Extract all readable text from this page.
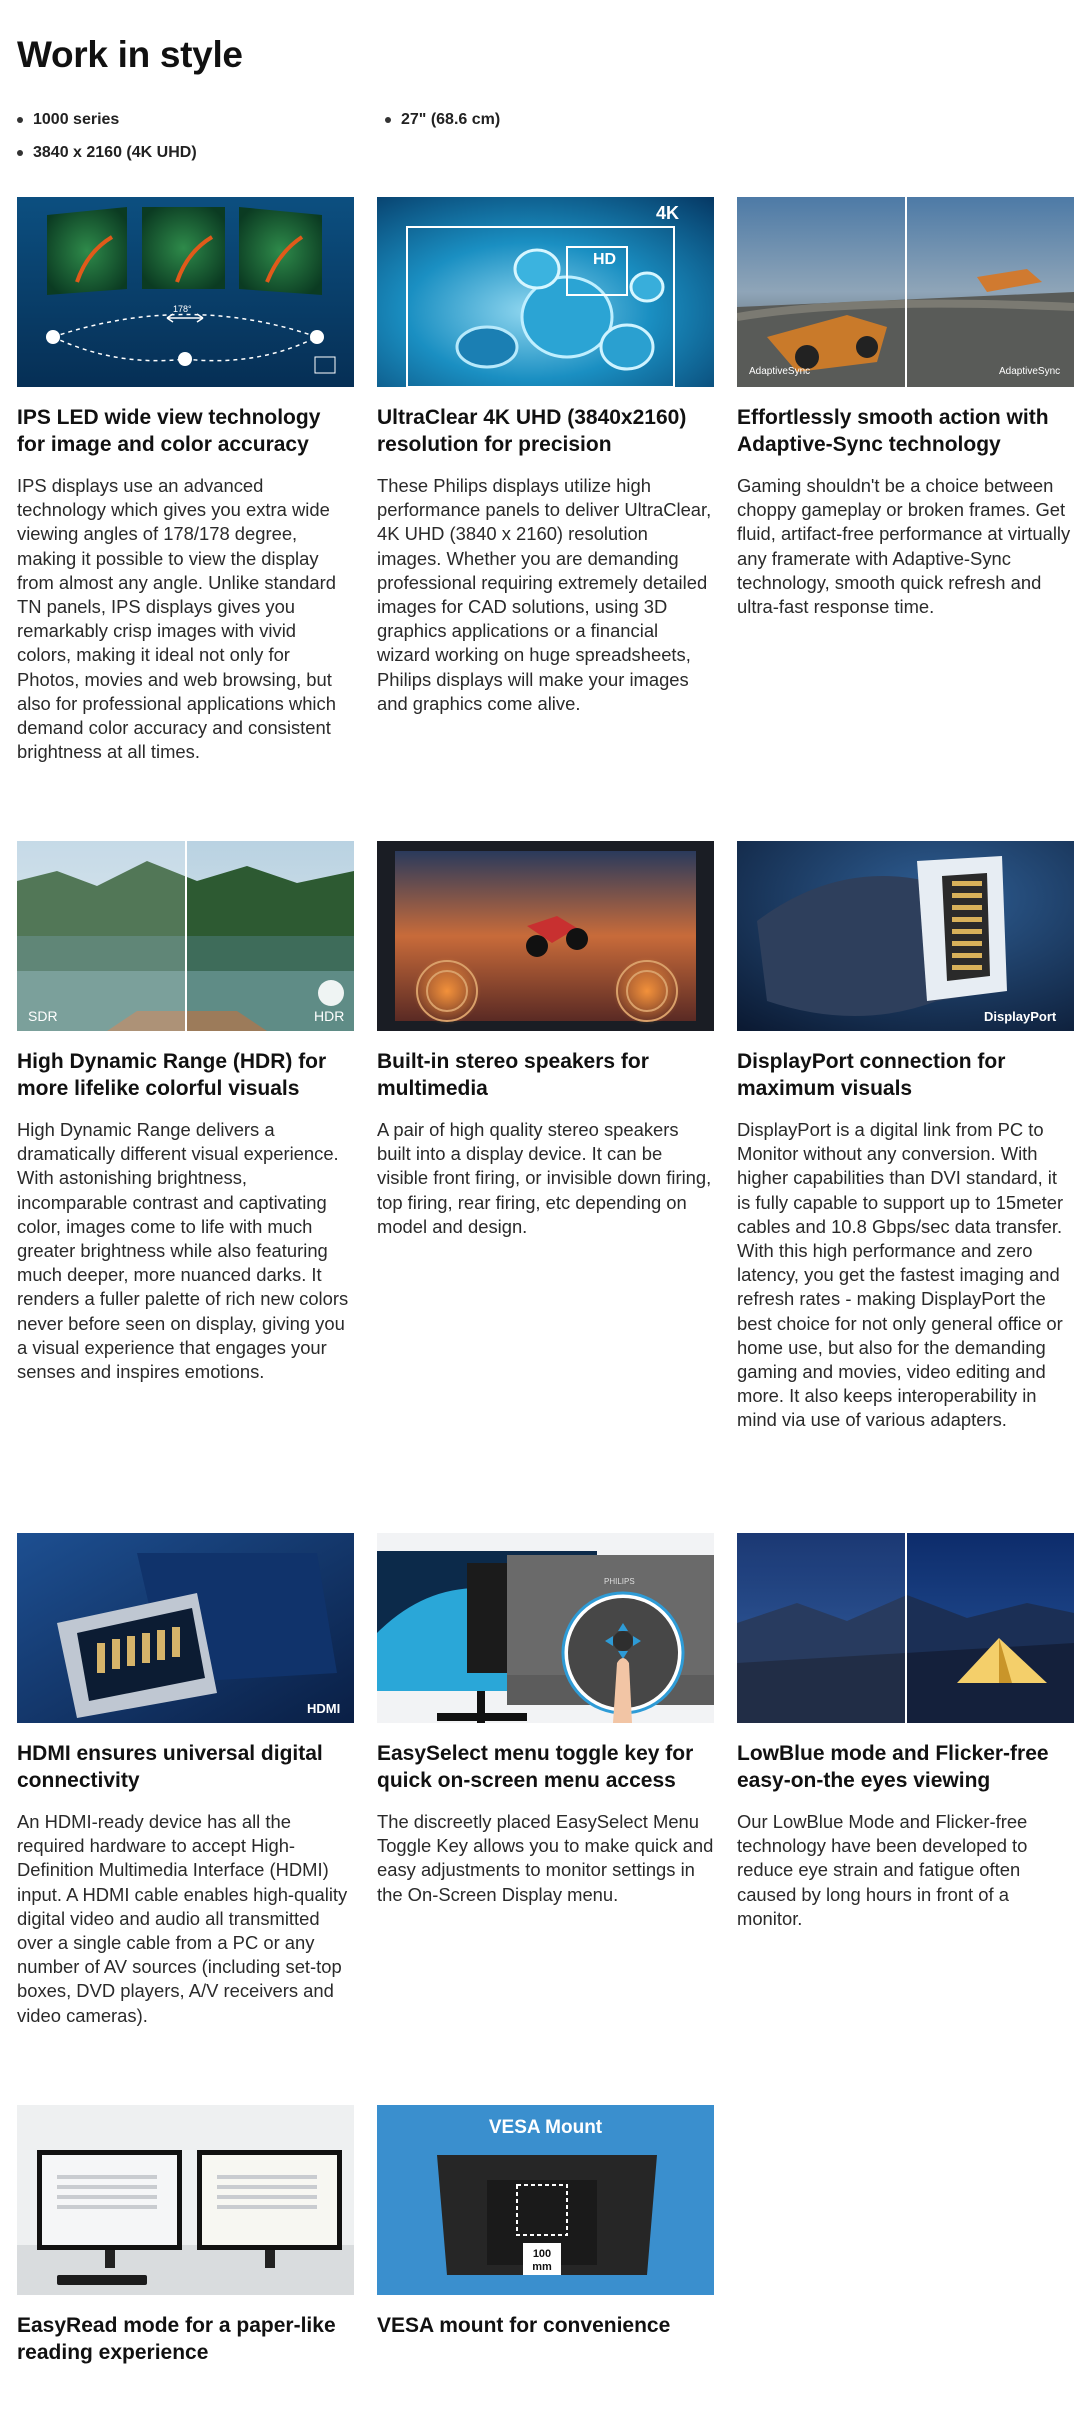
Work in style
1000 series	27" (68.6 cm)
3840 x 2160 (4K UHD)
178°
IPS LED wide view technology for image and color accuracy

IPS displays use an advanced technology which gives you extra wide viewing angles of 178/178 degree, making it possible to view the display from almost any angle. Unlike standard TN panels, IPS displays gives you remarkably crisp images with vivid colors, making it ideal not only for Photos, movies and web browsing, but also for professional applications which demand color accuracy and consistent brightness at all times.

4K
HD
UltraClear 4K UHD (3840x2160) resolution for precision

These Philips displays utilize high performance panels to deliver UltraClear, 4K UHD (3840 x 2160) resolution images. Whether you are demanding professional requiring extremely detailed images for CAD solutions, using 3D graphics applications or a financial wizard working on huge spreadsheets, Philips displays will make your images and graphics come alive.

AdaptiveSync	AdaptiveSync
Effortlessly smooth action with Adaptive-Sync technology

Gaming shouldn't be a choice between choppy gameplay or broken frames. Get fluid, artifact-free performance at virtually any framerate with Adaptive-Sync technology, smooth quick refresh and ultra-fast response time.

SDR	HDR
High Dynamic Range (HDR) for more lifelike colorful visuals

High Dynamic Range delivers a dramatically different visual experience. With astonishing brightness, incomparable contrast and captivating color, images come to life with much greater brightness while also featuring much deeper, more nuanced darks. It renders a fuller palette of rich new colors never before seen on display, giving you a visual experience that engages your senses and inspires emotions.

Built-in stereo speakers for multimedia

A pair of high quality stereo speakers built into a display device. It can be visible front firing, or invisible down firing, top firing, rear firing, etc depending on model and design.

DisplayPort
DisplayPort connection for maximum visuals

DisplayPort is a digital link from PC to Monitor without any conversion. With higher capabilities than DVI standard, it is fully capable to support up to 15meter cables and 10.8 Gbps/sec data transfer. With this high performance and zero latency, you get the fastest imaging and refresh rates - making DisplayPort the best choice for not only general office or home use, but also for the demanding gaming and movies, video editing and more. It also keeps interoperability in mind via use of various adapters.

HDMI
HDMI ensures universal digital connectivity

An HDMI-ready device has all the required hardware to accept High-Definition Multimedia Interface (HDMI) input. A HDMI cable enables high-quality digital video and audio all transmitted over a single cable from a PC or any number of AV sources (including set-top boxes, DVD players, A/V receivers and video cameras).

PHILIPS
EasySelect menu toggle key for quick on-screen menu access

The discreetly placed EasySelect Menu Toggle Key allows you to make quick and easy adjustments to monitor settings in the On-Screen Display menu.

LowBlue mode and Flicker-free easy-on-the eyes viewing

Our LowBlue Mode and Flicker-free technology have been developed to reduce eye strain and fatigue often caused by long hours in front of a monitor.

EasyRead mode for a paper-like reading experience
100
mm
VESA Mount
VESA mount for convenience
